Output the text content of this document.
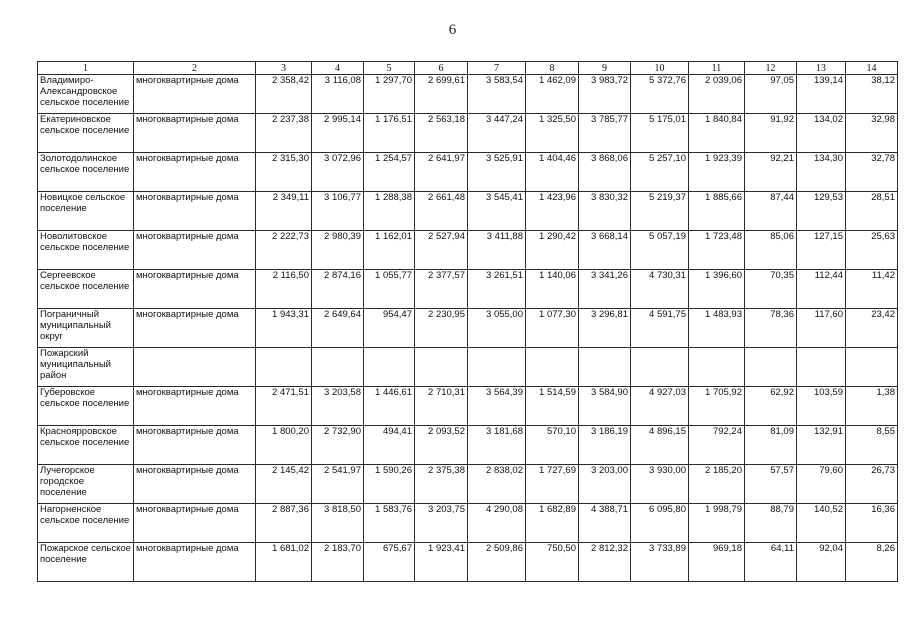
6
1	2	3	4	5	6	7	8	9	10	11	12	13	14
Владимиро-Александровское сельское поселение	многоквартирные дома	2 358,42	3 116,08	1 297,70	2 699,61	3 583,54	1 462,09	3 983,72	5 372,76	2 039,06	97,05	139,14	38,12
Екатериновское сельское поселение	многоквартирные дома	2 237,38	2 995,14	1 176,51	2 563,18	3 447,24	1 325,50	3 785,77	5 175,01	1 840,84	91,92	134,02	32,98
Золотодолинское сельское поселение	многоквартирные дома	2 315,30	3 072,96	1 254,57	2 641,97	3 525,91	1 404,46	3 868,06	5 257,10	1 923,39	92,21	134,30	32,78
Новицкое сельское поселение	многоквартирные дома	2 349,11	3 106,77	1 288,38	2 661,48	3 545,41	1 423,96	3 830,32	5 219,37	1 885,66	87,44	129,53	28,51
Новолитовское сельское поселение	многоквартирные дома	2 222,73	2 980,39	1 162,01	2 527,94	3 411,88	1 290,42	3 668,14	5 057,19	1 723,48	85,06	127,15	25,63
Сергеевское сельское поселение	многоквартирные дома	2 116,50	2 874,16	1 055,77	2 377,57	3 261,51	1 140,06	3 341,26	4 730,31	1 396,60	70,35	112,44	11,42
Пограничный муниципальный округ	многоквартирные дома	1 943,31	2 649,64	954,47	2 230,95	3 055,00	1 077,30	3 296,81	4 591,75	1 483,93	78,36	117,60	23,42
Пожарский муниципальный район													
Губеровское сельское поселение	многоквартирные дома	2 471,51	3 203,58	1 446,61	2 710,31	3 564,39	1 514,59	3 584,90	4 927,03	1 705,92	62,92	103,59	1,38
Красноярровское сельское поселение	многоквартирные дома	1 800,20	2 732,90	494,41	2 093,52	3 181,68	570,10	3 186,19	4 896,15	792,24	81,09	132,91	8,55
Лучегорское городское поселение	многоквартирные дома	2 145,42	2 541,97	1 590,26	2 375,38	2 838,02	1 727,69	3 203,00	3 930,00	2 185,20	57,57	79,60	26,73
Нагорненское сельское поселение	многоквартирные дома	2 887,36	3 818,50	1 583,76	3 203,75	4 290,08	1 682,89	4 388,71	6 095,80	1 998,79	88,79	140,52	16,36
Пожарское сельское поселение	многоквартирные дома	1 681,02	2 183,70	675,67	1 923,41	2 509,86	750,50	2 812,32	3 733,89	969,18	64,11	92,04	8,26
